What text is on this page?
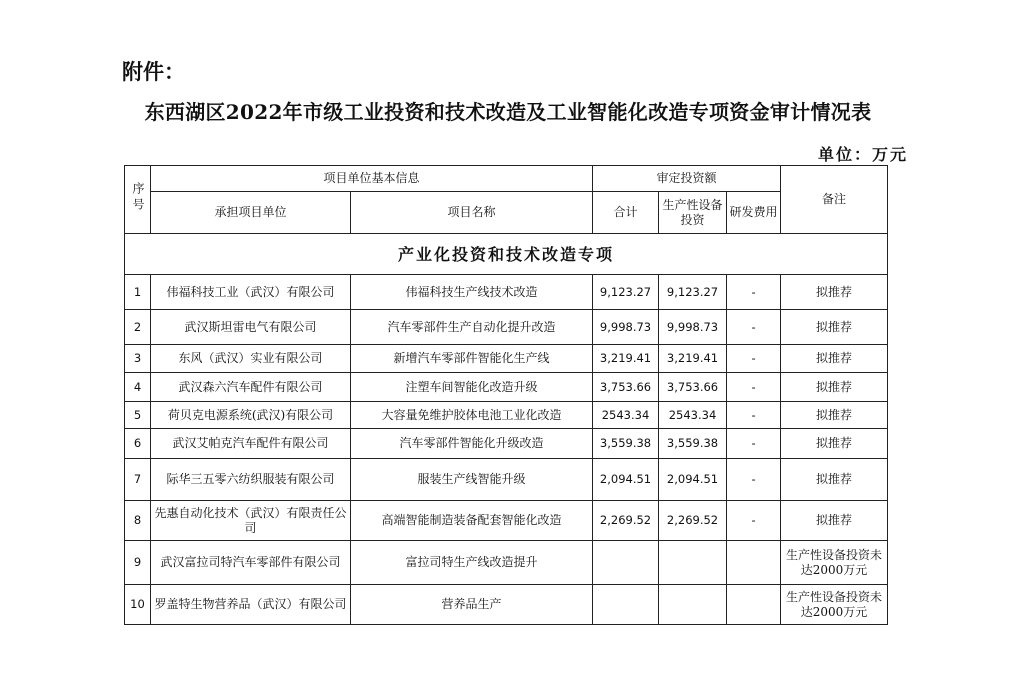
附件：
东西湖区2022年市级工业投资和技术改造及工业智能化改造专项资金审计情况表
单位：万元
序号	项目单位基本信息		审定投资额			备注
	承担项目单位	项目名称	合计	生产性设备投资	研发费用	
产业化投资和技术改造专项						
1	伟福科技工业（武汉）有限公司	伟福科技生产线技术改造	9,123.27	9,123.27	-	拟推荐
2	武汉斯坦雷电气有限公司	汽车零部件生产自动化提升改造	9,998.73	9,998.73	-	拟推荐
3	东风（武汉）实业有限公司	新增汽车零部件智能化生产线	3,219.41	3,219.41	-	拟推荐
4	武汉森六汽车配件有限公司	注塑车间智能化改造升级	3,753.66	3,753.66	-	拟推荐
5	荷贝克电源系统(武汉)有限公司	大容量免维护胶体电池工业化改造	2543.34	2543.34	-	拟推荐
6	武汉艾帕克汽车配件有限公司	汽车零部件智能化升级改造	3,559.38	3,559.38	-	拟推荐
7	际华三五零六纺织服装有限公司	服装生产线智能升级	2,094.51	2,094.51	-	拟推荐
8	先惠自动化技术（武汉）有限责任公司	高端智能制造装备配套智能化改造	2,269.52	2,269.52	-	拟推荐
9	武汉富拉司特汽车零部件有限公司	富拉司特生产线改造提升				生产性设备投资未达2000万元
10	罗盖特生物营养品（武汉）有限公司	营养品生产				生产性设备投资未达2000万元
